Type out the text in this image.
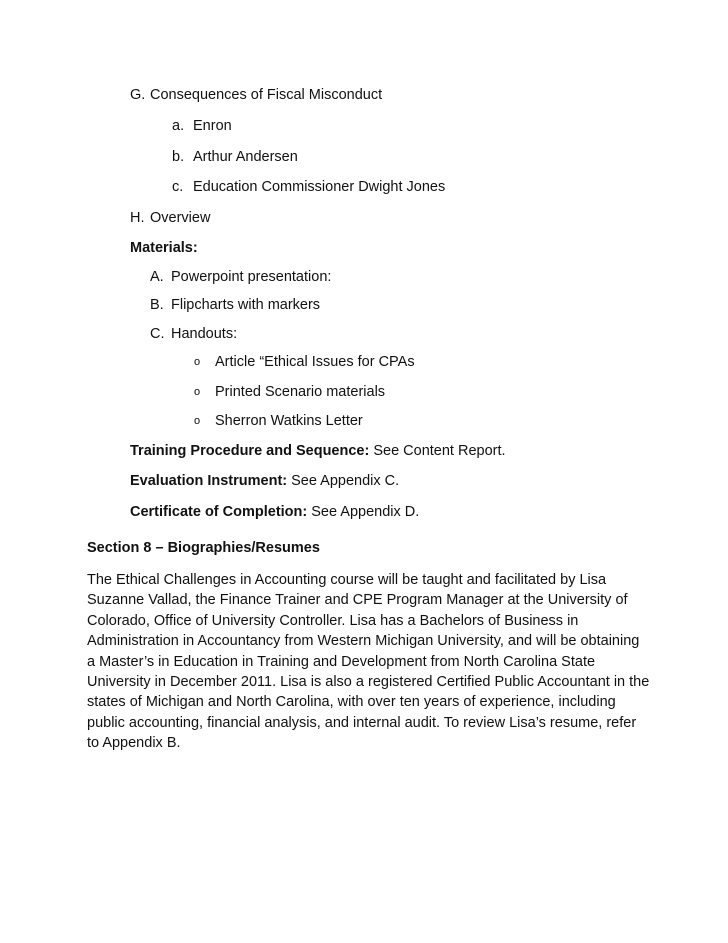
G. Consequences of Fiscal Misconduct
a. Enron
b. Arthur Andersen
c. Education Commissioner Dwight Jones
H. Overview
Materials:
A. Powerpoint presentation:
B. Flipcharts with markers
C. Handouts:
o Article “Ethical Issues for CPAs
o Printed Scenario materials
o Sherron Watkins Letter
Training Procedure and Sequence: See Content Report.
Evaluation Instrument: See Appendix C.
Certificate of Completion: See Appendix D.
Section 8 – Biographies/Resumes
The Ethical Challenges in Accounting course will be taught and facilitated by Lisa
Suzanne Vallad, the Finance Trainer and CPE Program Manager at the University of
Colorado, Office of University Controller. Lisa has a Bachelors of Business in
Administration in Accountancy from Western Michigan University, and will be obtaining
a Master’s in Education in Training and Development from North Carolina State
University in December 2011. Lisa is also a registered Certified Public Accountant in the
states of Michigan and North Carolina, with over ten years of experience, including
public accounting, financial analysis, and internal audit. To review Lisa’s resume, refer
to Appendix B.
